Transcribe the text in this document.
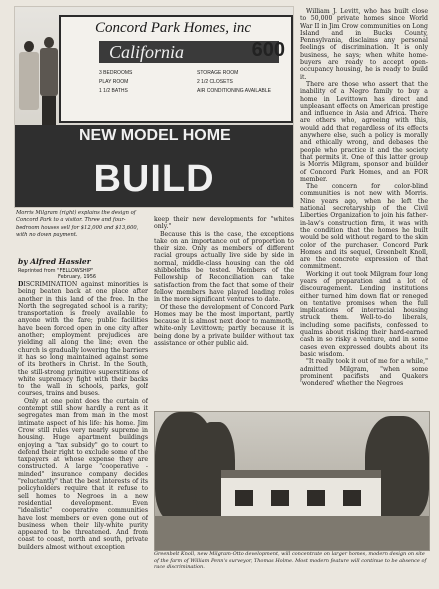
Concord Park Homes, inc
California	600
3 BEDROOMS	STORAGE ROOM
PLAY ROOM	2 1/2 CLOSETS
1 1/2 BATHS	AIR CONDITIONING AVAILABLE
NEW MODEL HOME
BUILD
Morris Milgram (right) explains the design of Concord Park to a visitor. Three and four-bedroom houses sell for $12,000 and $13,600, with no down payment.
by Alfred Hassler
Reprinted from "FELLOWSHIP"
February, 1956

DISCRIMINATION against minorities is being beaten back at one place after another in this land of the free. In the North the segregated school is a rarity; transportation is freely available to anyone with the fare; public facilities have been forced open in one city after another; employment prejudices are yielding all along the line; even the church is gradually lowering the barriers it has so long maintained against some of its brothers in Christ. In the South, the still-strong primitive superstitions of white supremacy fight with their backs to the wall in schools, parks, golf courses, trains and buses.

Only at one point does the curtain of contempt still show hardly a rent as it segregates man from man in the most intimate aspect of his life: his home. Jim Crow still rules very nearly supreme in housing. Huge apartment buildings enjoying a "tax subsidy" go to court to defend their right to exclude some of the taxpayers at whose expense they are constructed. A large "cooperative - minded" insurance company decides "reluctantly" that the best interests of its policyholders require that it refuse to sell homes to Negroes in a new residential development. Even "idealistic" cooperative communities have lost members or even gone out of business when their lily-white purity appeared to be threatened. And from coast to coast, north and south, private builders almost without exception

keep their new developments for "whites only."

Because this is the case, the exceptions take on an importance out of proportion to their size. Only as members of different racial groups actually live side by side in normal, middle-class housing can the old shibboleths be tested. Members of the Fellowship of Reconciliation can take satisfaction from the fact that some of their fellow members have played leading roles in the more significant ventures to date.

Of these the development of Concord Park Homes may be the most important, partly because it is almost next door to mammoth, white-only Levittown; partly because it is being done by a private builder without tax assistance or other public aid.

William J. Levitt, who has built close to 50,000 private homes since World War II in Jim Crow communities on Long Island and in Bucks County, Pennsylvania, disclaims any personal feelings of discrimination. It is only business, he says; when white home-buyers are ready to accept open-occupancy housing, he is ready to build it.

There are those who assert that the inability of a Negro family to buy a home in Levittown has direct and unpleasant effects on American prestige and influence in Asia and Africa. There are others who, agreeing with this, would add that regardless of its effects anywhere else, such a policy is morally and ethically wrong, and debases the people who practice it and the society that permits it. One of this latter group is Morris Milgram, sponsor and builder of Concord Park Homes, and an FOR member.

The concern for color-blind communities is not new with Morris. Nine years ago, when he left the national secretaryship of the Civil Liberties Organization to join his father-in-law's construction firm, it was with the condition that the homes he built would be sold without regard to the skin color of the purchaser. Concord Park Homes and its sequel, Greenbelt Knoll, are the concrete expression of that commitment.

Working it out took Milgram four long years of preparation and a lot of discouragement. Lending institutions either turned him down flat or reneged on tentative promises when the full implications of interracial housing struck them. Well-to-do liberals, including some pacifists, confessed to qualms about risking their hard-earned cash in so risky a venture, and in some cases even expressed doubts about its basic wisdom.

"It really took it out of me for a while," admitted Milgram, "when some prominent pacifists and Quakers 'wondered' whether the Negroes

Greenbelt Knoll, new Milgram-Otto development, will concentrate on larger homes, modern design on site of the farm of William Penn's surveyor, Thomas Holme. Most modern feature will continue to be absence of race discrimination.
